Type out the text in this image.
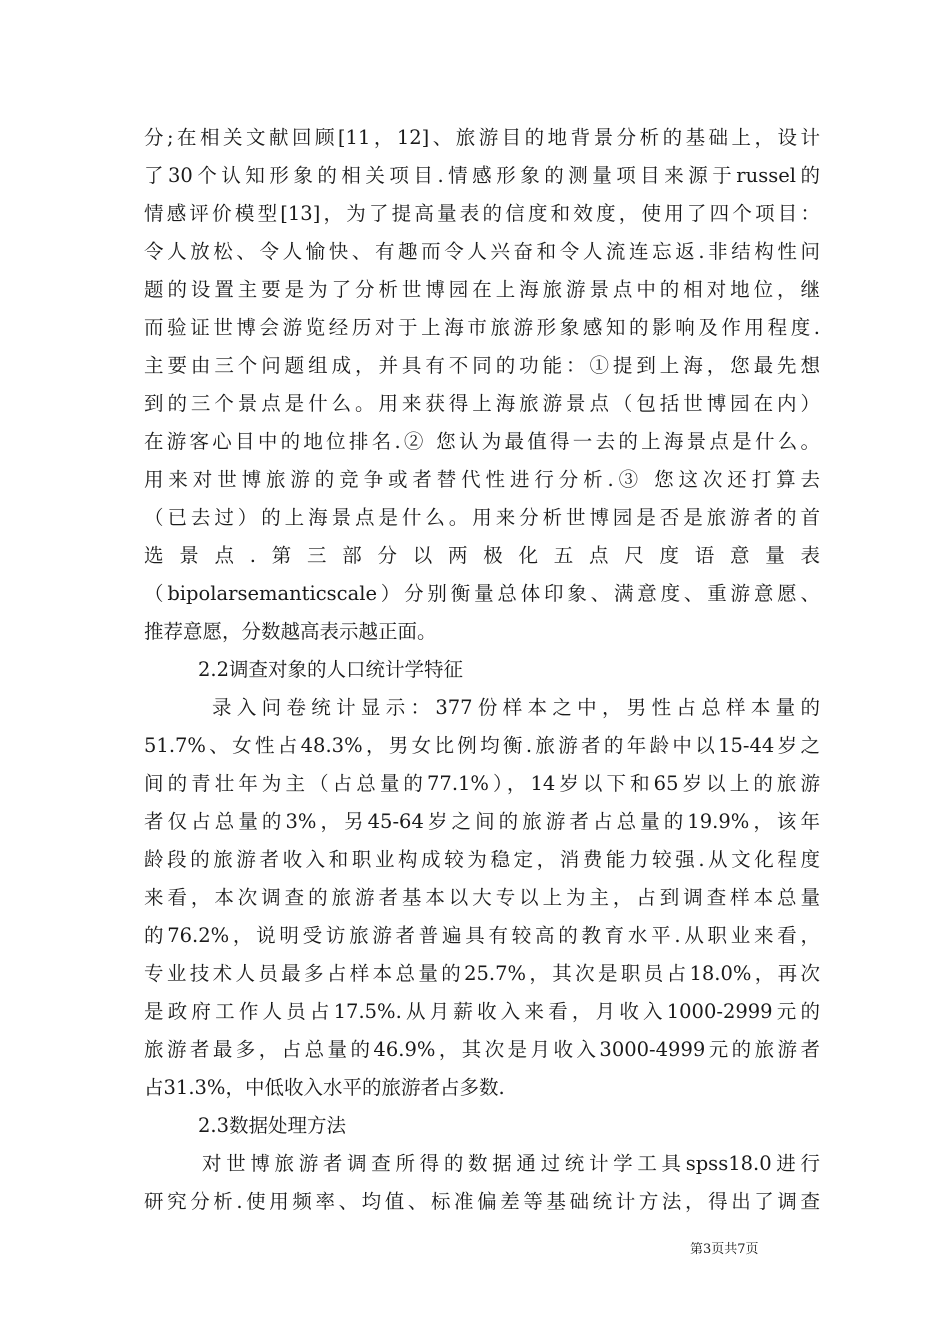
分;在相关文献回顾[11，12]、旅游目的地背景分析的基础上，设计
了30个认知形象的相关项目.情感形象的测量项目来源于russel的
情感评价模型[13]，为了提高量表的信度和效度，使用了四个项目：
令人放松、令人愉快、有趣而令人兴奋和令人流连忘返.非结构性问
题的设置主要是为了分析世博园在上海旅游景点中的相对地位，继
而验证世博会游览经历对于上海市旅游形象感知的影响及作用程度.
主要由三个问题组成，并具有不同的功能：①提到上海，您最先想
到的三个景点是什么。用来获得上海旅游景点（包括世博园在内）
在游客心目中的地位排名.② 您认为最值得一去的上海景点是什么。
用来对世博旅游的竞争或者替代性进行分析.③ 您这次还打算去
（已去过）的上海景点是什么。用来分析世博园是否是旅游者的首
选景点.第三部分以两极化五点尺度语意量表
（bipolarsemanticscale）分别衡量总体印象、满意度、重游意愿、
推荐意愿，分数越高表示越正面。
2.2调查对象的人口统计学特征
录入问卷统计显示：377份样本之中，男性占总样本量的
51.7%、女性占48.3%，男女比例均衡.旅游者的年龄中以15-44岁之
间的青壮年为主（占总量的77.1%），14岁以下和65岁以上的旅游
者仅占总量的3%，另45-64岁之间的旅游者占总量的19.9%，该年
龄段的旅游者收入和职业构成较为稳定，消费能力较强.从文化程度
来看，本次调查的旅游者基本以大专以上为主，占到调查样本总量
的76.2%，说明受访旅游者普遍具有较高的教育水平.从职业来看，
专业技术人员最多占样本总量的25.7%，其次是职员占18.0%，再次
是政府工作人员占17.5%.从月薪收入来看，月收入1000-2999元的
旅游者最多，占总量的46.9%，其次是月收入3000-4999元的旅游者
占31.3%，中低收入水平的旅游者占多数.
2.3数据处理方法
对世博旅游者调查所得的数据通过统计学工具spss18.0进行
研究分析.使用频率、均值、标准偏差等基础统计方法，得出了调查
第3页共7页
